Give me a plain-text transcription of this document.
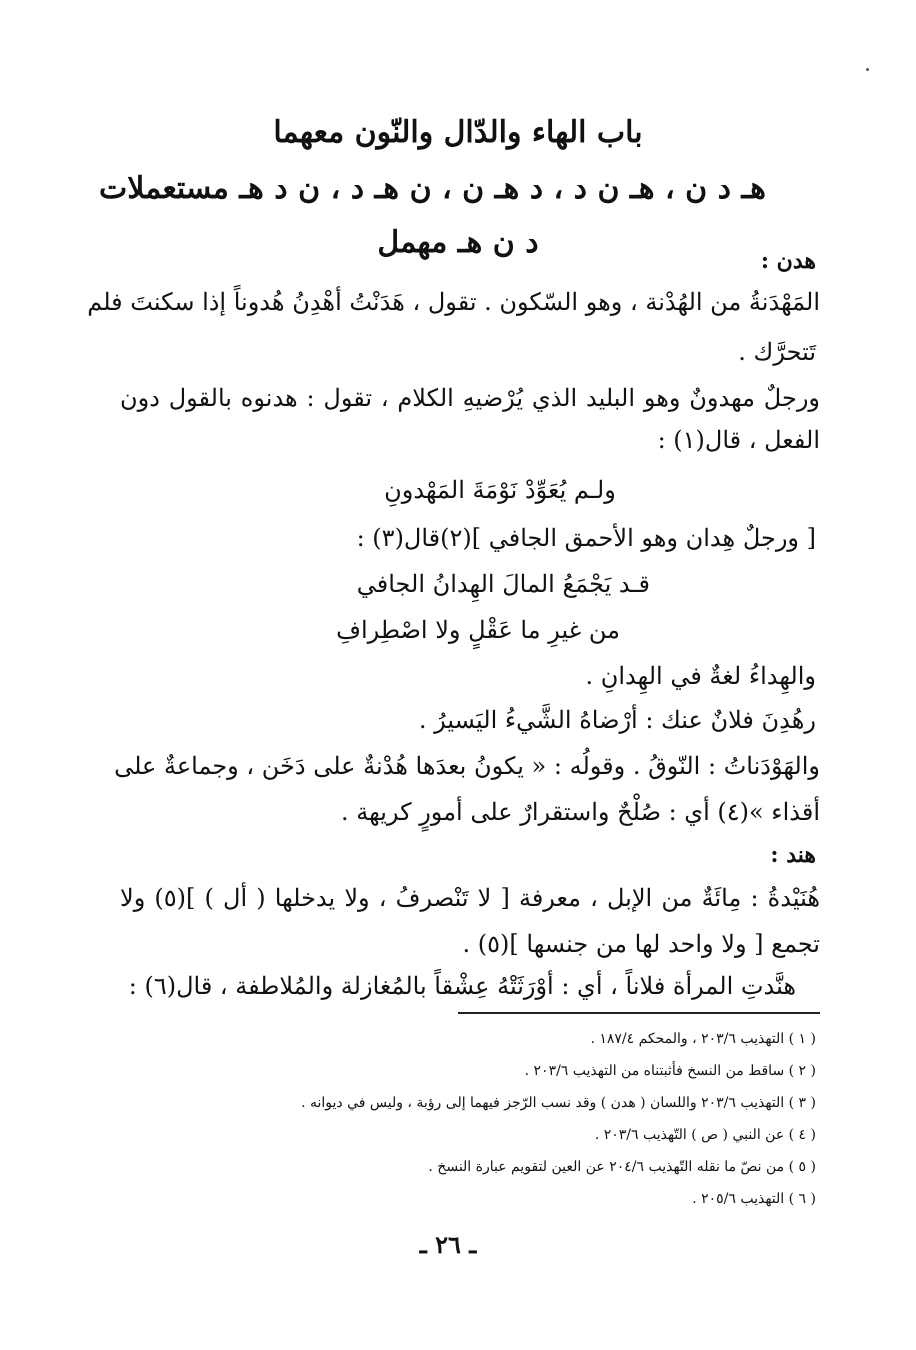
باب الهاء والدّال والنّون معهما
هـ د ن ، هـ ن د ، د هـ ن ، ن هـ د ، ن د هـ مستعملات
د ن هـ مهمل
هدن :
المَهْدَنةُ من الهُدْنة ، وهو السّكون . تقول ، هَدَنْتُ أهْدِنُ هُدوناً إذا سكنتَ فلم
تَتحرَّك .
ورجلٌ مهدونٌ وهو البليد الذي يُرْضيهِ الكلام ، تقول : هدنوه بالقول دون
الفعل ، قال(١) :
ولـم يُعَوِّدْ نَوْمَةَ المَهْدونِ
[ ورجلٌ هِدان وهو الأحمق الجافي ](٢)قال(٣) :
قـد يَجْمَعُ المالَ الهِدانُ الجافي
من غيرِ ما عَقْلٍ ولا اصْطِرافِ
والهِداءُ لغةٌ في الهِدانِ .
رهُدِنَ فلانٌ عنك : أرْضاهُ الشَّيءُ اليَسيرُ .
والهَوْدَناتُ : النّوقُ . وقولُه : « يكونُ بعدَها هُدْنةٌ على دَخَن ، وجماعةٌ على
أقذاء »(٤) أي : صُلْحٌ واستقرارٌ على أمورٍ كريهة .
هند :
هُنَيْدةُ : مِائَةٌ من الإبل ، معرفة [ لا تَنْصرفُ ، ولا يدخلها ( أل ) ](٥) ولا
تجمع [ ولا واحد لها من جنسها ](٥) .
هنَّدتِ المرأة فلاناً ، أي : أوْرَثَتْهُ عِشْقاً بالمُغازلة والمُلاطفة ، قال(٦) :
( ١ ) التهذيب ٢٠٣/٦ ، والمحكم ١٨٧/٤ .
( ٢ ) ساقط من النسخ فأثبتناه من التهذيب ٢٠٣/٦ .
( ٣ ) التهذيب ٢٠٣/٦ واللسان ( هدن ) وقد نسب الرّجز فيهما إلى رؤبة ، وليس في ديوانه .
( ٤ ) عن النبي ( ص ) التّهذيب ٢٠٣/٦ .
( ٥ ) من نصّ ما نقله التّهذيب ٢٠٤/٦ عن العين لتقويم عبارة النسخ .
( ٦ ) التهذيب ٢٠٥/٦ .
ـ ٢٦ ـ
